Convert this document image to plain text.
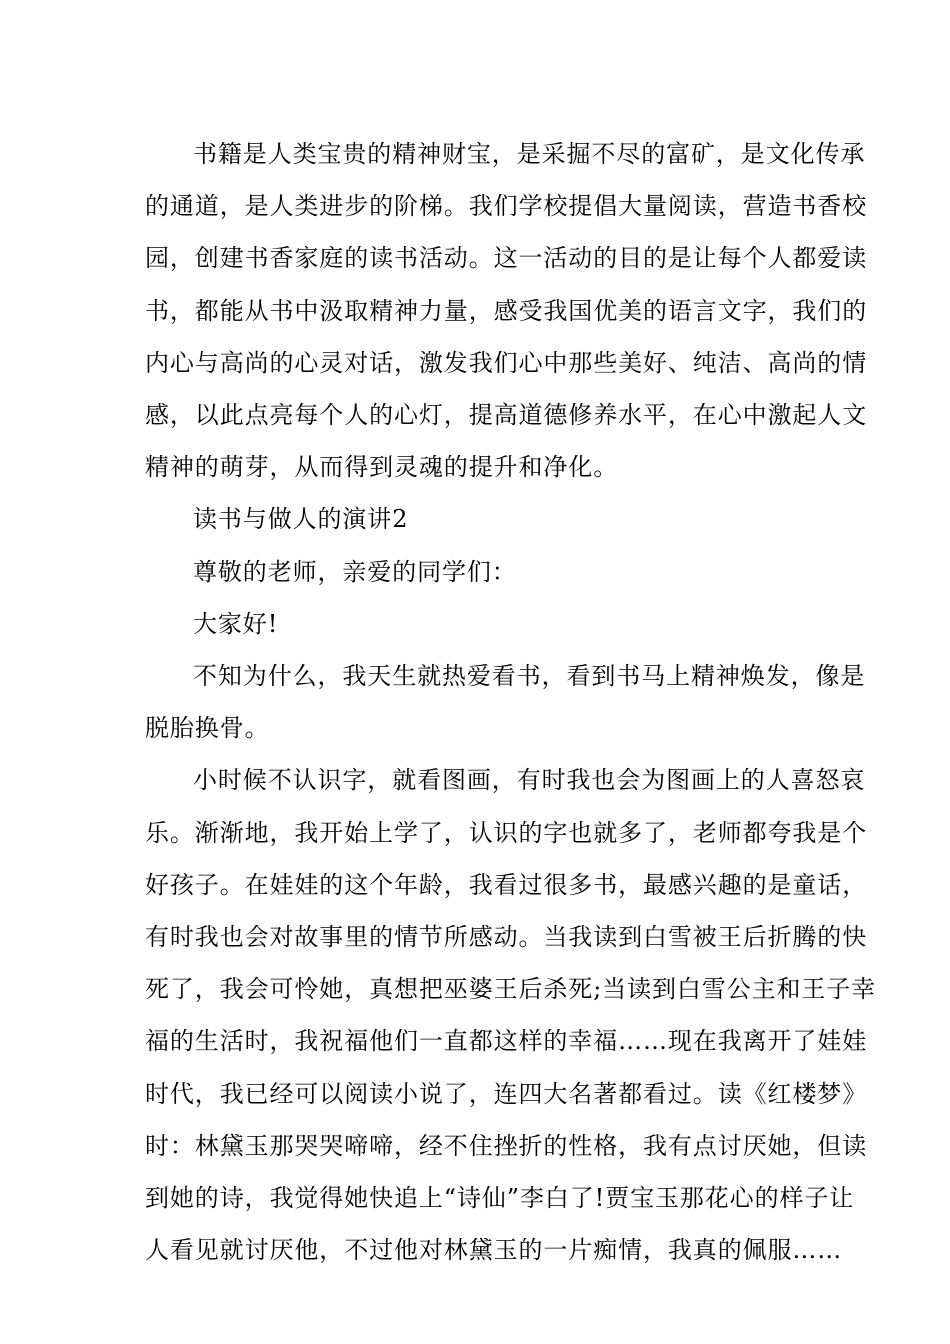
书籍是人类宝贵的精神财宝，是采掘不尽的富矿，是文化传承
的通道，是人类进步的阶梯。我们学校提倡大量阅读，营造书香校
园，创建书香家庭的读书活动。这一活动的目的是让每个人都爱读
书，都能从书中汲取精神力量，感受我国优美的语言文字，我们的
内心与高尚的心灵对话，激发我们心中那些美好、纯洁、高尚的情
感，以此点亮每个人的心灯，提高道德修养水平，在心中激起人文
精神的萌芽，从而得到灵魂的提升和净化。

读书与做人的演讲2

尊敬的老师，亲爱的同学们：

大家好!

不知为什么，我天生就热爱看书，看到书马上精神焕发，像是
脱胎换骨。

小时候不认识字，就看图画，有时我也会为图画上的人喜怒哀
乐。渐渐地，我开始上学了，认识的字也就多了，老师都夸我是个
好孩子。在娃娃的这个年龄，我看过很多书，最感兴趣的是童话，
有时我也会对故事里的情节所感动。当我读到白雪被王后折腾的快
死了，我会可怜她，真想把巫婆王后杀死;当读到白雪公主和王子幸
福的生活时，我祝福他们一直都这样的幸福……现在我离开了娃娃
时代，我已经可以阅读小说了，连四大名著都看过。读《红楼梦》
时：林黛玉那哭哭啼啼，经不住挫折的性格，我有点讨厌她，但读
到她的诗，我觉得她快追上“诗仙”李白了!贾宝玉那花心的样子让
人看见就讨厌他，不过他对林黛玉的一片痴情，我真的佩服……
